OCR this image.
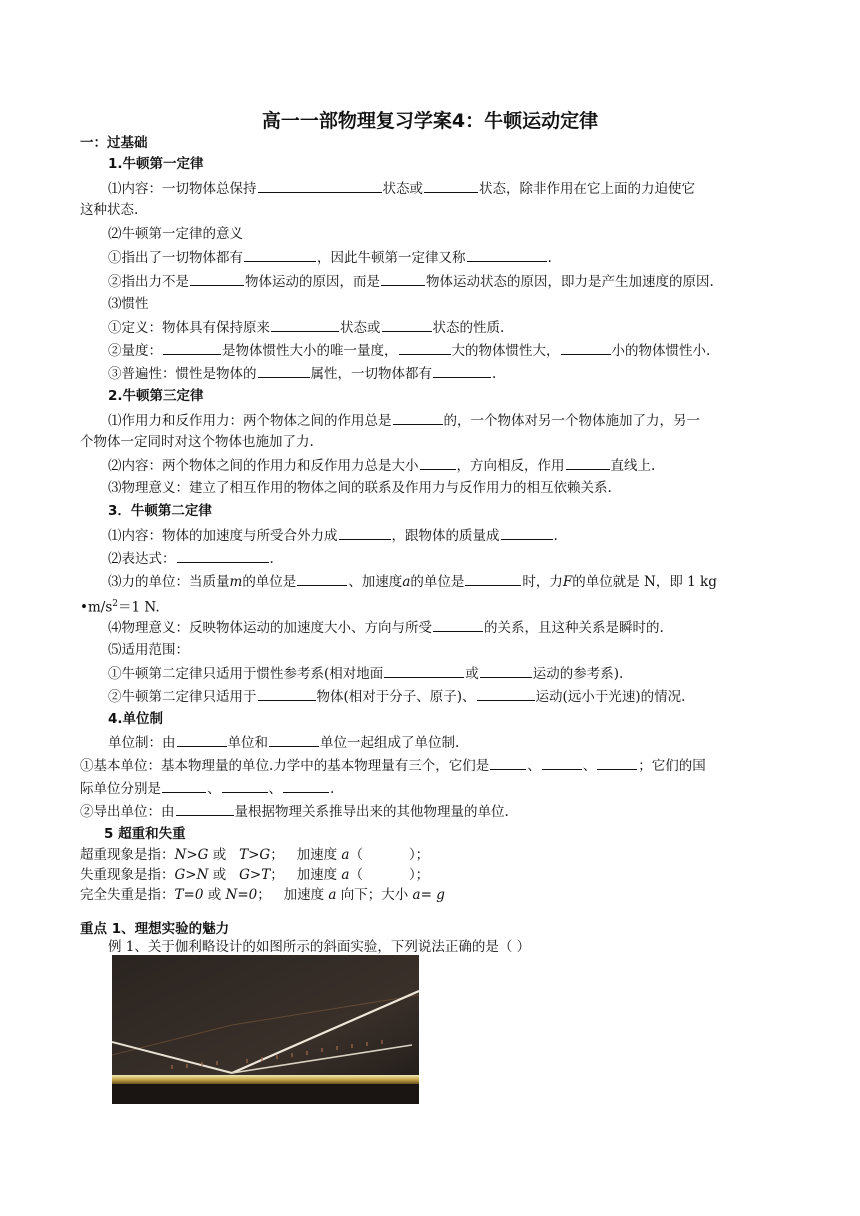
高一一部物理复习学案4：牛顿运动定律
一：过基础
1.牛顿第一定律
⑴内容：一切物体总保持	状态或	状态，除非作用在它上面的力迫使它
这种状态.
⑵牛顿第一定律的意义
①指出了一切物体都有	，因此牛顿第一定律又称	.
②指出力不是	物体运动的原因，而是	物体运动状态的原因，即力是产生加速度的原因.
⑶惯性
①定义：物体具有保持原来	状态或	状态的性质.
②量度：	是物体惯性大小的唯一量度，	大的物体惯性大，	小的物体惯性小.
③普遍性：惯性是物体的	属性，一切物体都有	.
2.牛顿第三定律
⑴作用力和反作用力：两个物体之间的作用总是	的，一个物体对另一个物体施加了力，另一
个物体一定同时对这个物体也施加了力.
⑵内容：两个物体之间的作用力和反作用力总是大小	，方向相反，作用	直线上.
⑶物理意义：建立了相互作用的物体之间的联系及作用力与反作用力的相互依赖关系.
3．牛顿第二定律
⑴内容：物体的加速度与所受合外力成	，跟物体的质量成	.
⑵表达式：	.
⑶力的单位：当质量m的单位是	、加速度a的单位是	时，力F的单位就是 N，即 1 kg
$•m/s^2=1$ N.
⑷物理意义：反映物体运动的加速度大小、方向与所受	的关系，且这种关系是瞬时的.
⑸适用范围：
①牛顿第二定律只适用于惯性参考系(相对地面	或	运动的参考系).
②牛顿第二定律只适用于	物体(相对于分子、原子)、	运动(远小于光速)的情况.
4.单位制
单位制：由	单位和	单位一起组成了单位制.
①基本单位：基本物理量的单位.力学中的基本物理量有三个，它们是	、	、	；它们的国
际单位分别是	、	、	.
②导出单位：由	量根据物理关系推导出来的其他物理量的单位.
5 超重和失重
超重现象是指：N>G 或 T>G； 加速度 a（	）；
失重现象是指：G>N 或 G>T； 加速度 a（	）；
完全失重是指：T=0 或 N=0； 加速度 a 向下；大小 a= g
重点 1、理想实验的魅力
例 1、关于伽利略设计的如图所示的斜面实验，下列说法正确的是（ ）
